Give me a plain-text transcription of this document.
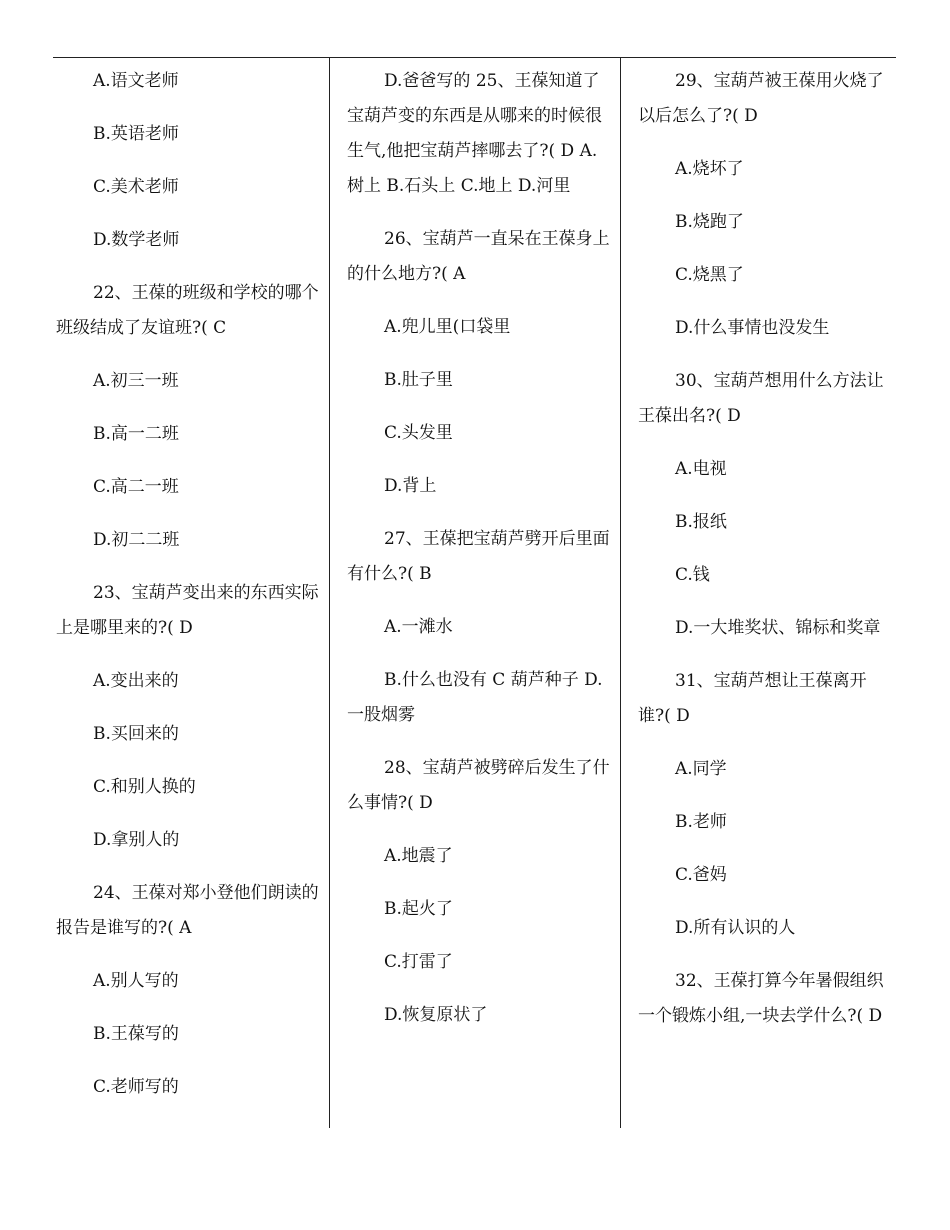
A.语文老师

B.英语老师

C.美术老师

D.数学老师

22、王葆的班级和学校的哪个班级结成了友谊班?( C

A.初三一班

B.高一二班

C.高二一班

D.初二二班

23、宝葫芦变出来的东西实际上是哪里来的?( D

A.变出来的

B.买回来的

C.和别人换的

D.拿别人的

24、王葆对郑小登他们朗读的报告是谁写的?( A

A.别人写的

B.王葆写的

C.老师写的

D.爸爸写的 25、王葆知道了宝葫芦变的东西是从哪来的时候很生气,他把宝葫芦摔哪去了?( D A.树上 B.石头上 C.地上 D.河里

26、宝葫芦一直呆在王葆身上的什么地方?( A

A.兜儿里(口袋里

B.肚子里

C.头发里

D.背上

27、王葆把宝葫芦劈开后里面有什么?( B

A.一滩水

B.什么也没有 C 葫芦种子 D.一股烟雾

28、宝葫芦被劈碎后发生了什么事情?( D

A.地震了

B.起火了

C.打雷了

D.恢复原状了

29、宝葫芦被王葆用火烧了以后怎么了?( D

A.烧坏了

B.烧跑了

C.烧黑了

D.什么事情也没发生

30、宝葫芦想用什么方法让王葆出名?( D

A.电视

B.报纸

C.钱

D.一大堆奖状、锦标和奖章

31、宝葫芦想让王葆离开谁?( D

A.同学

B.老师

C.爸妈

D.所有认识的人

32、王葆打算今年暑假组织一个锻炼小组,一块去学什么?( D
